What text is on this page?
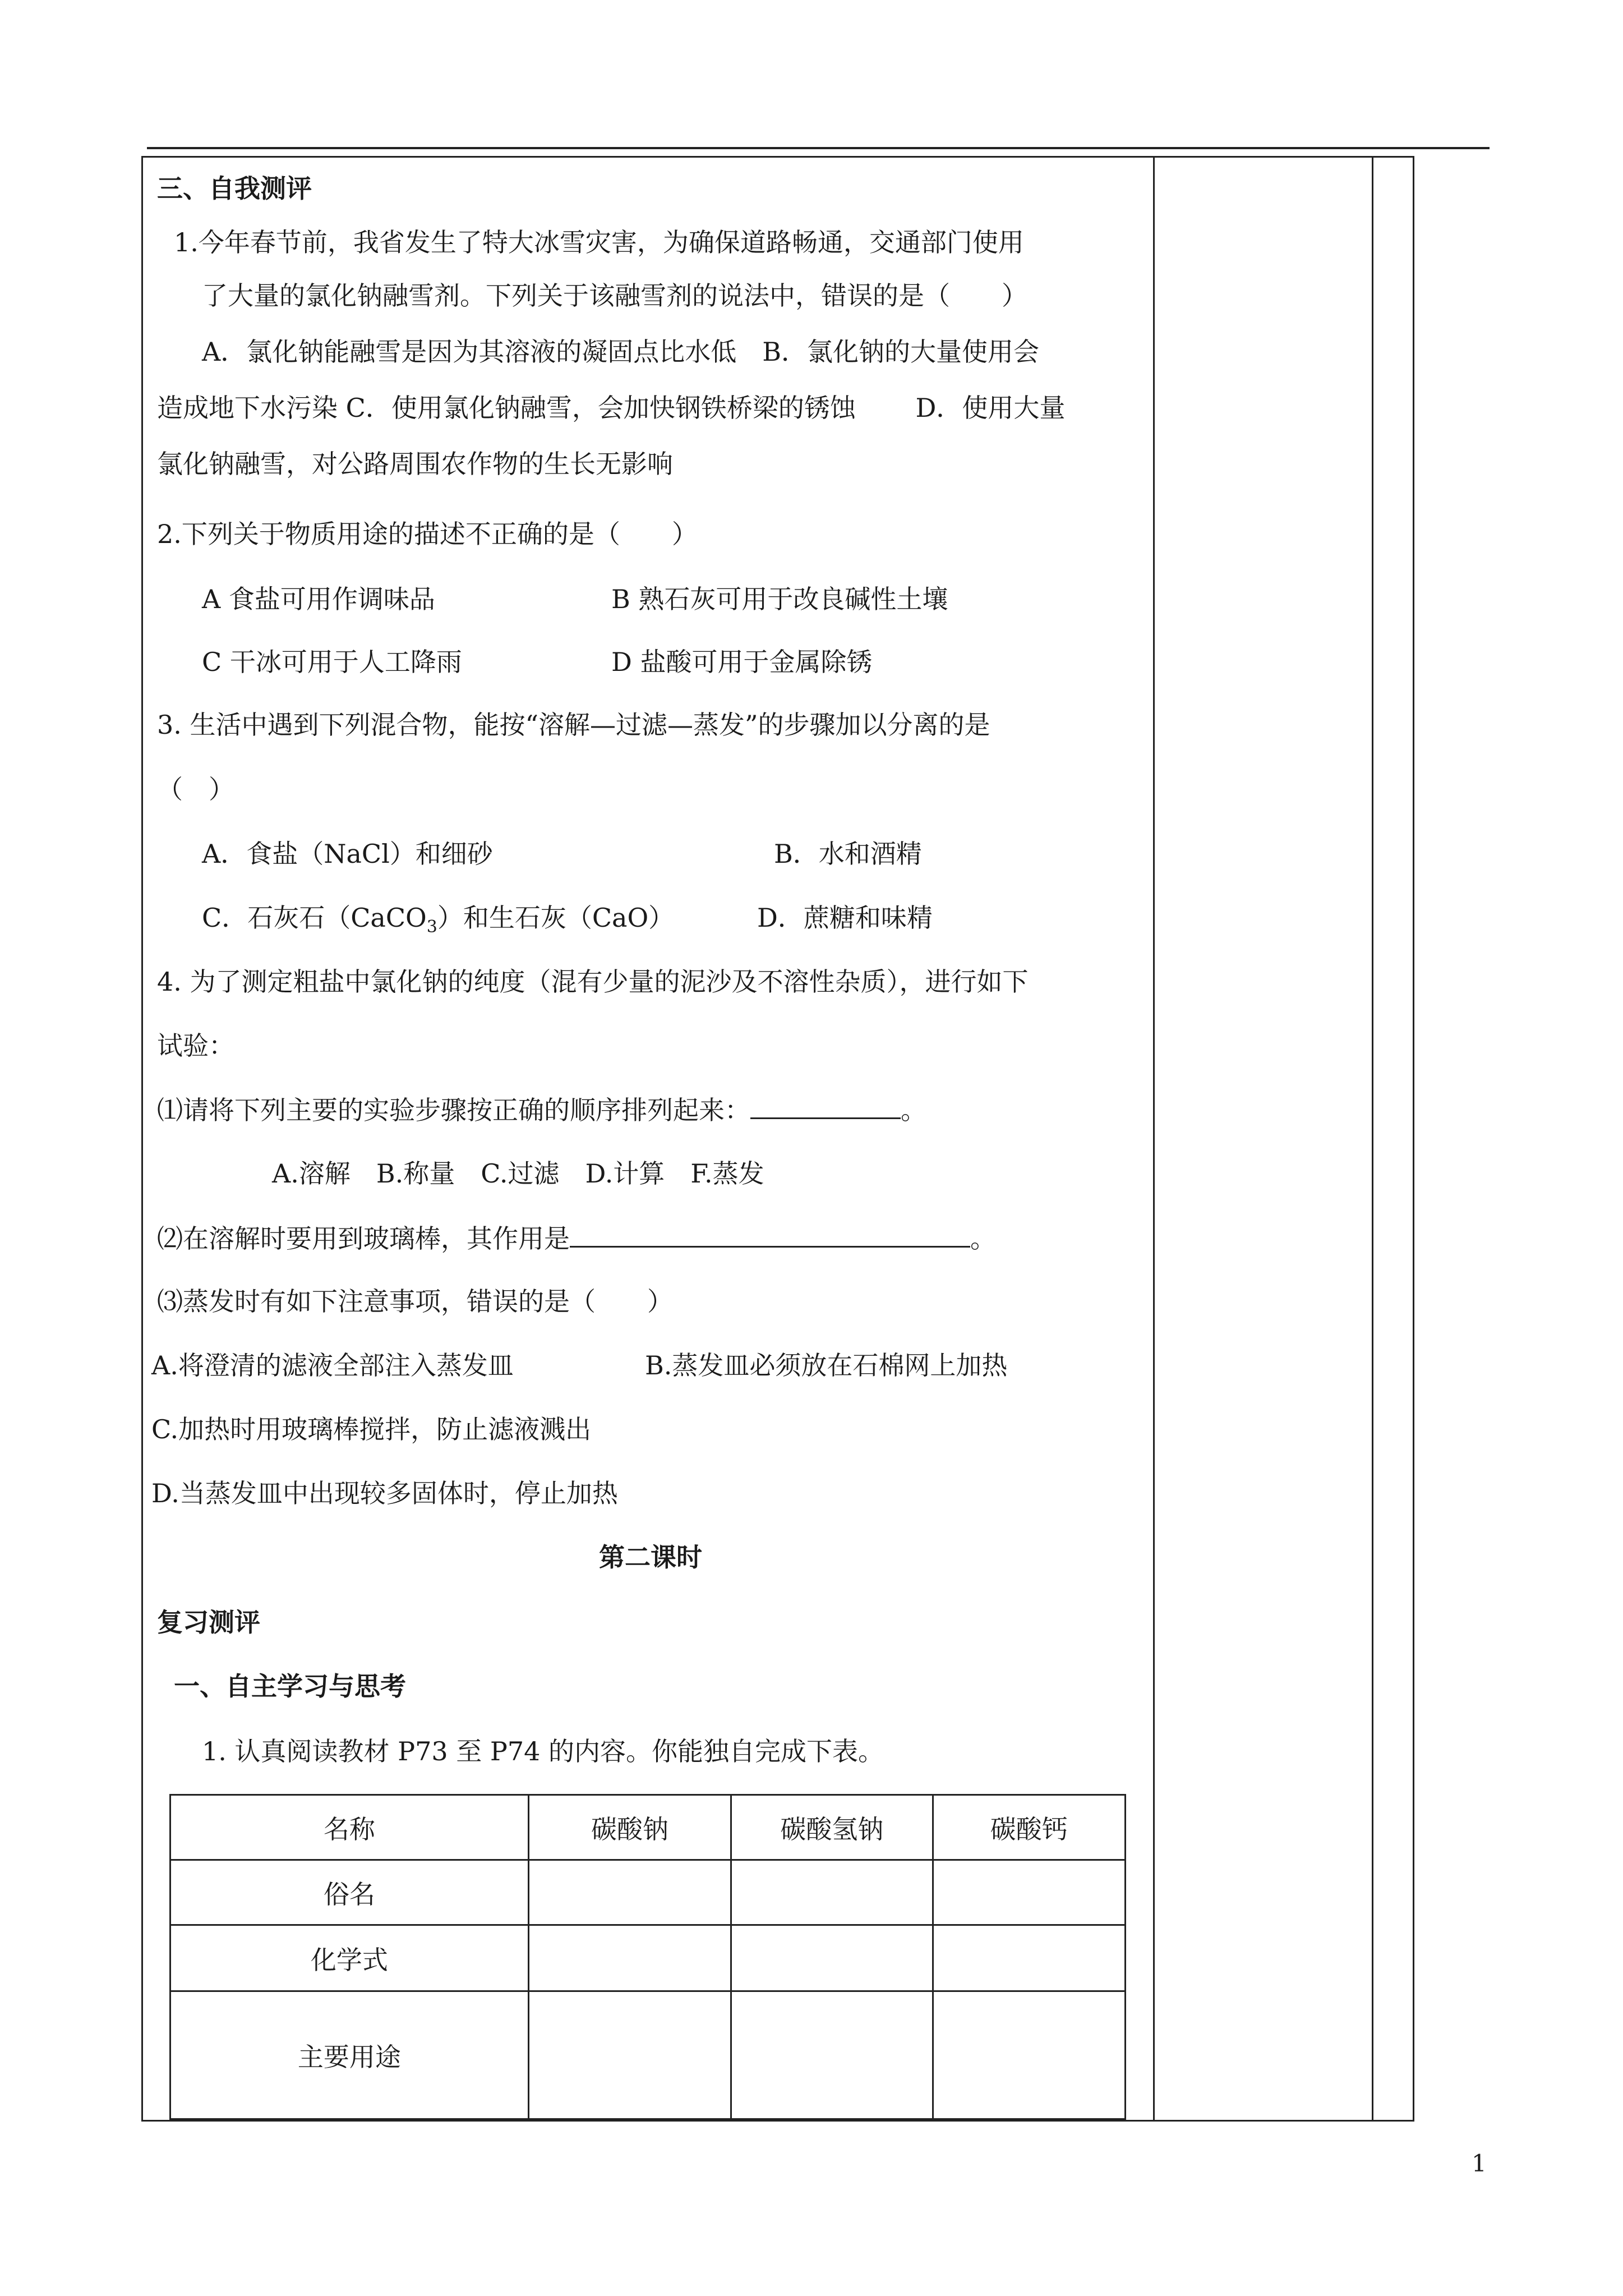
三、自我测评
1.今年春节前，我省发生了特大冰雪灾害，为确保道路畅通，交通部门使用
了大量的氯化钠融雪剂。下列关于该融雪剂的说法中，错误的是（　　）
A．氯化钠能融雪是因为其溶液的凝固点比水低　B．氯化钠的大量使用会
造成地下水污染 C．使用氯化钠融雪，会加快钢铁桥梁的锈蚀　　 D．使用大量
氯化钠融雪，对公路周围农作物的生长无影响
2.下列关于物质用途的描述不正确的是（　　）
A 食盐可用作调味品	B 熟石灰可用于改良碱性土壤
C 干冰可用于人工降雨	D 盐酸可用于金属除锈
3. 生活中遇到下列混合物，能按“溶解—过滤—蒸发”的步骤加以分离的是
（　）
A．食盐（NaCl）和细砂	B．水和酒精
C．石灰石（CaCO$_3$）和生石灰（CaO）	D．蔗糖和味精
4. 为了测定粗盐中氯化钠的纯度（混有少量的泥沙及不溶性杂质），进行如下
试验：
⑴请将下列主要的实验步骤按正确的顺序排列起来：	。
A.溶解　B.称量　C.过滤　D.计算　F.蒸发
⑵在溶解时要用到玻璃棒，其作用是	。
⑶蒸发时有如下注意事项，错误的是（　　）
A.将澄清的滤液全部注入蒸发皿	B.蒸发皿必须放在石棉网上加热
C.加热时用玻璃棒搅拌，防止滤液溅出
D.当蒸发皿中出现较多固体时，停止加热
第二课时
复习测评
一、自主学习与思考
1. 认真阅读教材 P73 至 P74 的内容。你能独自完成下表。
名称	碳酸钠	碳酸氢钠	碳酸钙
俗名			
化学式			
主要用途			
1
